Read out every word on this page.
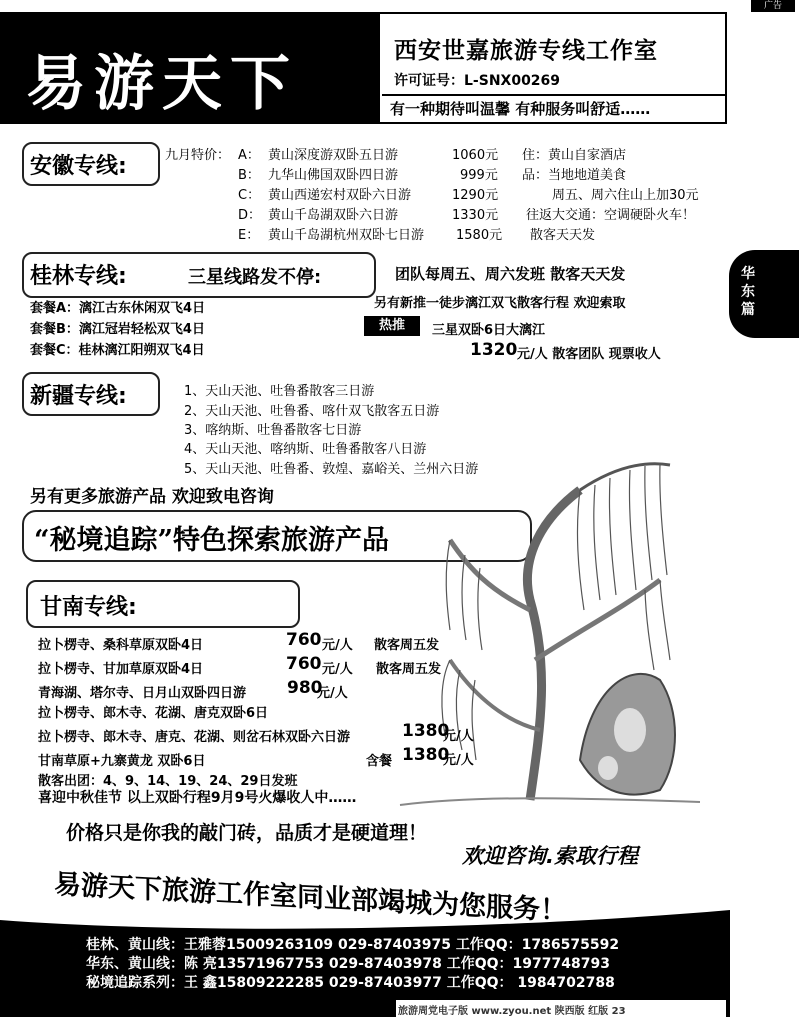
广告
易游天下	西安世嘉旅游专线工作室
许可证号：L-SNX00269
有一种期待叫温馨 有种服务叫舒适……
华东篇
安徽专线:	九月特价： A： 黄山深度游双卧五日游	1060元 住：黄山自家酒店
B： 九华山佛国双卧四日游	999元 品：当地地道美食
C： 黄山西递宏村双卧六日游	1290元	周五、周六住山上加30元
D： 黄山千岛湖双卧六日游	1330元 往返大交通：空调硬卧火车！
E： 黄山千岛湖杭州双卧七日游 1580元 散客天天发
桂林专线:	三星线路发不停:	团队每周五、周六发班 散客天天发
另有新推一徒步漓江双飞散客行程 欢迎索取
套餐A：漓江古东休闲双飞4日
套餐B：漓江冠岩轻松双飞4日
套餐C：桂林漓江阳朔双飞4日
热推	三星双卧6日大漓江
1320 元/人 散客团队 现票收人
新疆专线:	1、天山天池、吐鲁番散客三日游
2、天山天池、吐鲁番、喀什双飞散客五日游
3、喀纳斯、吐鲁番散客七日游
4、天山天池、喀纳斯、吐鲁番散客八日游
5、天山天池、吐鲁番、敦煌、嘉峪关、兰州六日游
另有更多旅游产品 欢迎致电咨询
“秘境追踪”特色探索旅游产品
甘南专线:
拉卜楞寺、桑科草原双卧4日	760 元/人 散客周五发
拉卜楞寺、甘加草原双卧4日	760 元/人 散客周五发
青海湖、塔尔寺、日月山双卧四日游 980
元/人
拉卜楞寺、郎木寺、花湖、唐克双卧6日
拉卜楞寺、郎木寺、唐克、花湖、则岔石林双卧六日游	1380
元/人
甘南草原+九寨黄龙 双卧6日	含餐 1380
元/人
散客出团：4、9、14、19、24、29日发班
喜迎中秋佳节 以上双卧行程9月9号火爆收人中……
价格只是你我的敲门砖，品质才是硬道理！
欢迎咨询.索取行程
易游天下旅游工作室同业部竭城为您服务！
桂林、黄山线：王雅蓉15009263109 029-87403975 工作QQ：1786575592
华东、黄山线：陈 亮13571967753 029-87403978 工作QQ：1977748793
秘境追踪系列：王 鑫15809222285 029-87403977 工作QQ： 1984702788
旅游周党电子版 www.zyou.net 陕西版 红版 23
